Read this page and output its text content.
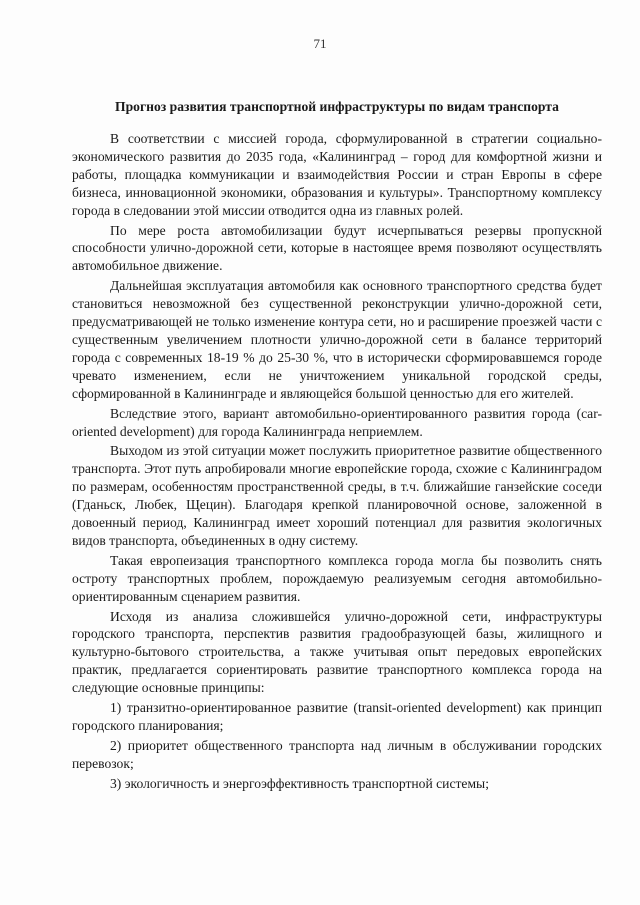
71
Прогноз развития транспортной инфраструктуры по видам транспорта

В соответствии с миссией города, сформулированной в стратегии социально-экономического развития до 2035 года, «Калининград – город для комфортной жизни и работы, площадка коммуникации и взаимодействия России и стран Европы в сфере бизнеса, инновационной экономики, образования и культуры». Транспортному комплексу города в следовании этой миссии отводится одна из главных ролей.

По мере роста автомобилизации будут исчерпываться резервы пропускной способности улично-дорожной сети, которые в настоящее время позволяют осуществлять автомобильное движение.

Дальнейшая эксплуатация автомобиля как основного транспортного средства будет становиться невозможной без существенной реконструкции улично-дорожной сети, предусматривающей не только изменение контура сети, но и расширение проезжей части с существенным увеличением плотности улично-дорожной сети в балансе территорий города с современных 18-19 % до 25-30 %, что в исторически сформировавшемся городе чревато изменением, если не уничтожением уникальной городской среды, сформированной в Калининграде и являющейся большой ценностью для его жителей.

Вследствие этого, вариант автомобильно-ориентированного развития города (car-oriented development) для города Калининграда неприемлем.

Выходом из этой ситуации может послужить приоритетное развитие общественного транспорта. Этот путь апробировали многие европейские города, схожие с Калининградом по размерам, особенностям пространственной среды, в т.ч. ближайшие ганзейские соседи (Гданьск, Любек, Щецин). Благодаря крепкой планировочной основе, заложенной в довоенный период, Калининград имеет хороший потенциал для развития экологичных видов транспорта, объединенных в одну систему.

Такая европеизация транспортного комплекса города могла бы позволить снять остроту транспортных проблем, порождаемую реализуемым сегодня автомобильно-ориентированным сценарием развития.

Исходя из анализа сложившейся улично-дорожной сети, инфраструктуры городского транспорта, перспектив развития градообразующей базы, жилищного и культурно-бытового строительства, а также учитывая опыт передовых европейских практик, предлагается сориентировать развитие транспортного комплекса города на следующие основные принципы:

1) транзитно-ориентированное развитие (transit-oriented development) как принцип городского планирования;

2) приоритет общественного транспорта над личным в обслуживании городских перевозок;

3) экологичность и энергоэффективность транспортной системы;
